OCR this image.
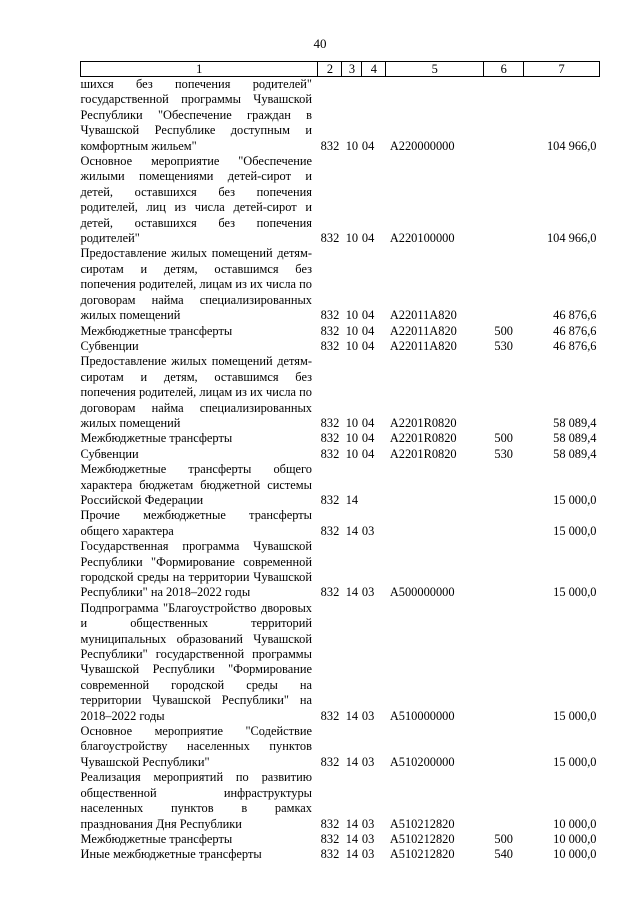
40
1	2	3	4	5	6	7
шихся без попечения родителей" государственной программы Чувашской Республики "Обеспечение граждан в Чувашской Республике доступным и комфортным жильем"	832	10	04	A220000000		104 966,0
Основное мероприятие "Обеспечение жилыми помещениями детей-сирот и детей, оставшихся без попечения родителей, лиц из числа детей-сирот и детей, оставшихся без попечения родителей"	832	10	04	A220100000		104 966,0
Предоставление жилых помещений детям-сиротам и детям, оставшимся без попечения родителей, лицам из их числа по договорам найма специализированных жилых помещений	832	10	04	A22011A820		46 876,6
Межбюджетные трансферты	832	10	04	A22011A820	500	46 876,6
Субвенции	832	10	04	A22011A820	530	46 876,6
Предоставление жилых помещений детям-сиротам и детям, оставшимся без попечения родителей, лицам из их числа по договорам найма специализированных жилых помещений	832	10	04	A2201R0820		58 089,4
Межбюджетные трансферты	832	10	04	A2201R0820	500	58 089,4
Субвенции	832	10	04	A2201R0820	530	58 089,4
Межбюджетные трансферты общего характера бюджетам бюджетной системы Российской Федерации	832	14				15 000,0
Прочие межбюджетные трансферты общего характера	832	14	03			15 000,0
Государственная программа Чувашской Республики "Формирование современной городской среды на территории Чувашской Республики" на 2018–2022 годы	832	14	03	A500000000		15 000,0
Подпрограмма "Благоустройство дворовых и общественных территорий муниципальных образований Чувашской Республики" государственной программы Чувашской Республики "Формирование современной городской среды на территории Чувашской Республики" на 2018–2022 годы	832	14	03	A510000000		15 000,0
Основное мероприятие "Содействие благоустройству населенных пунктов Чувашской Республики"	832	14	03	A510200000		15 000,0
Реализация мероприятий по развитию общественной инфраструктуры населенных пунктов в рамках празднования Дня Республики	832	14	03	A510212820		10 000,0
Межбюджетные трансферты	832	14	03	A510212820	500	10 000,0
Иные межбюджетные трансферты	832	14	03	A510212820	540	10 000,0
